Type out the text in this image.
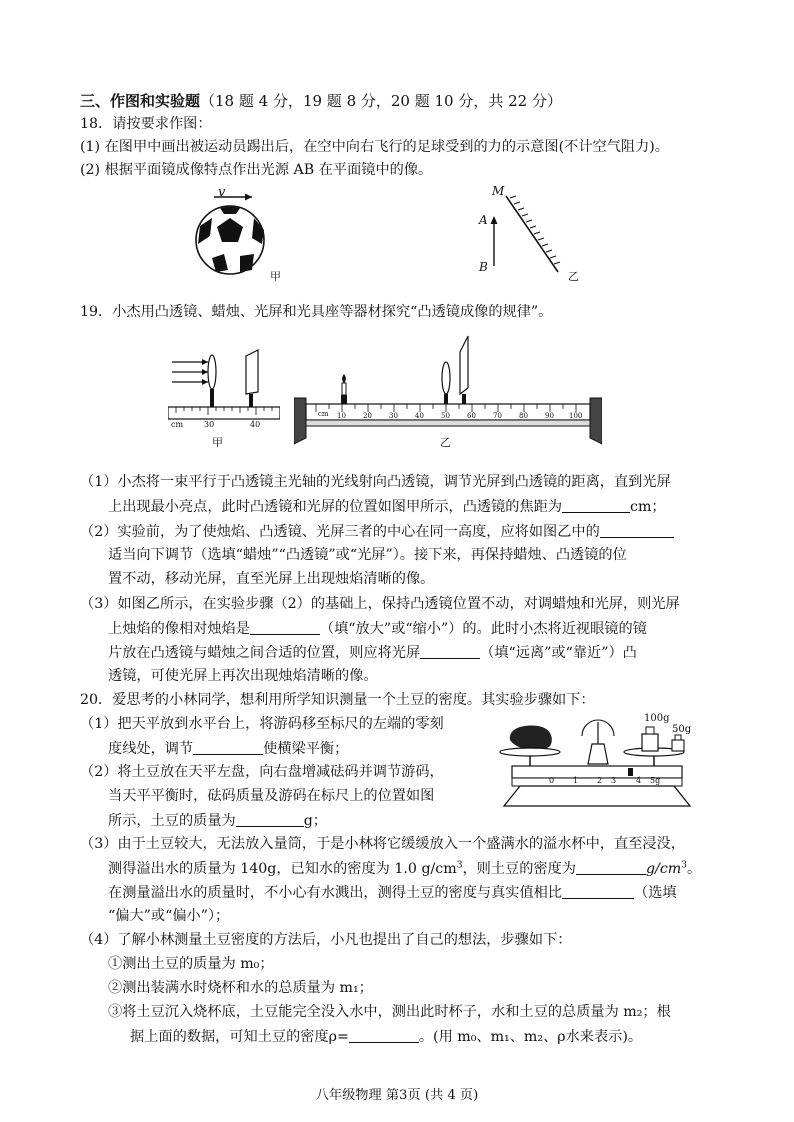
三、作图和实验题（18 题 4 分，19 题 8 分，20 题 10 分，共 22 分）
18．请按要求作图：
(1) 在图甲中画出被运动员踢出后，在空中向右飞行的足球受到的力的示意图(不计空气阻力)。
(2) 根据平面镜成像特点作出光源 AB 在平面镜中的像。
v
甲
M
A
B
乙
19．小杰用凸透镜、蜡烛、光屏和光具座等器材探究“凸透镜成像的规律”。
cm	30	40
甲
cm 10 20 30 40 50 60 70 80 90 100
乙
（1）小杰将一束平行于凸透镜主光轴的光线射向凸透镜，调节光屏到凸透镜的距离，直到光屏
上出现最小亮点，此时凸透镜和光屏的位置如图甲所示，凸透镜的焦距为	cm；
（2）实验前，为了使烛焰、凸透镜、光屏三者的中心在同一高度，应将如图乙中的
适当向下调节（选填“蜡烛”“凸透镜”或“光屏”）。接下来，再保持蜡烛、凸透镜的位
置不动，移动光屏，直至光屏上出现烛焰清晰的像。
（3）如图乙所示，在实验步骤（2）的基础上，保持凸透镜位置不动，对调蜡烛和光屏，则光屏
上烛焰的像相对烛焰是	（填“放大”或“缩小”）的。此时小杰将近视眼镜的镜
片放在凸透镜与蜡烛之间合适的位置，则应将光屏	（填“远离”或“靠近”）凸
透镜，可使光屏上再次出现烛焰清晰的像。
20．爱思考的小林同学，想利用所学知识测量一个土豆的密度。其实验步骤如下：
（1）把天平放到水平台上，将游码移至标尺的左端的零刻
度线处，调节	使横梁平衡；
（2）将土豆放在天平左盘，向右盘增减砝码并调节游码，
当天平平衡时，砝码质量及游码在标尺上的位置如图
所示，土豆的质量为	g；
100g
50g
0 1 2 3 4 5g
（3）由于土豆较大，无法放入量筒，于是小林将它缓缓放入一个盛满水的溢水杯中，直至浸没，
测得溢出水的质量为 140g，已知水的密度为 1.0 $g/cm^3$，则土豆的密度为	$g/cm^3$。
在测量溢出水的质量时，不小心有水溅出，测得土豆的密度与真实值相比	（选填
“偏大”或“偏小”）；
（4）了解小林测量土豆密度的方法后，小凡也提出了自己的想法，步骤如下：
①测出土豆的质量为 m₀；
②测出装满水时烧杯和水的总质量为 m₁；
③将土豆沉入烧杯底，土豆能完全没入水中，测出此时杯子，水和土豆的总质量为 m₂；根
据上面的数据，可知土豆的密度ρ=	。(用 m₀、m₁、m₂、ρ水来表示)。
八年级物理 第3页 (共 4 页)
